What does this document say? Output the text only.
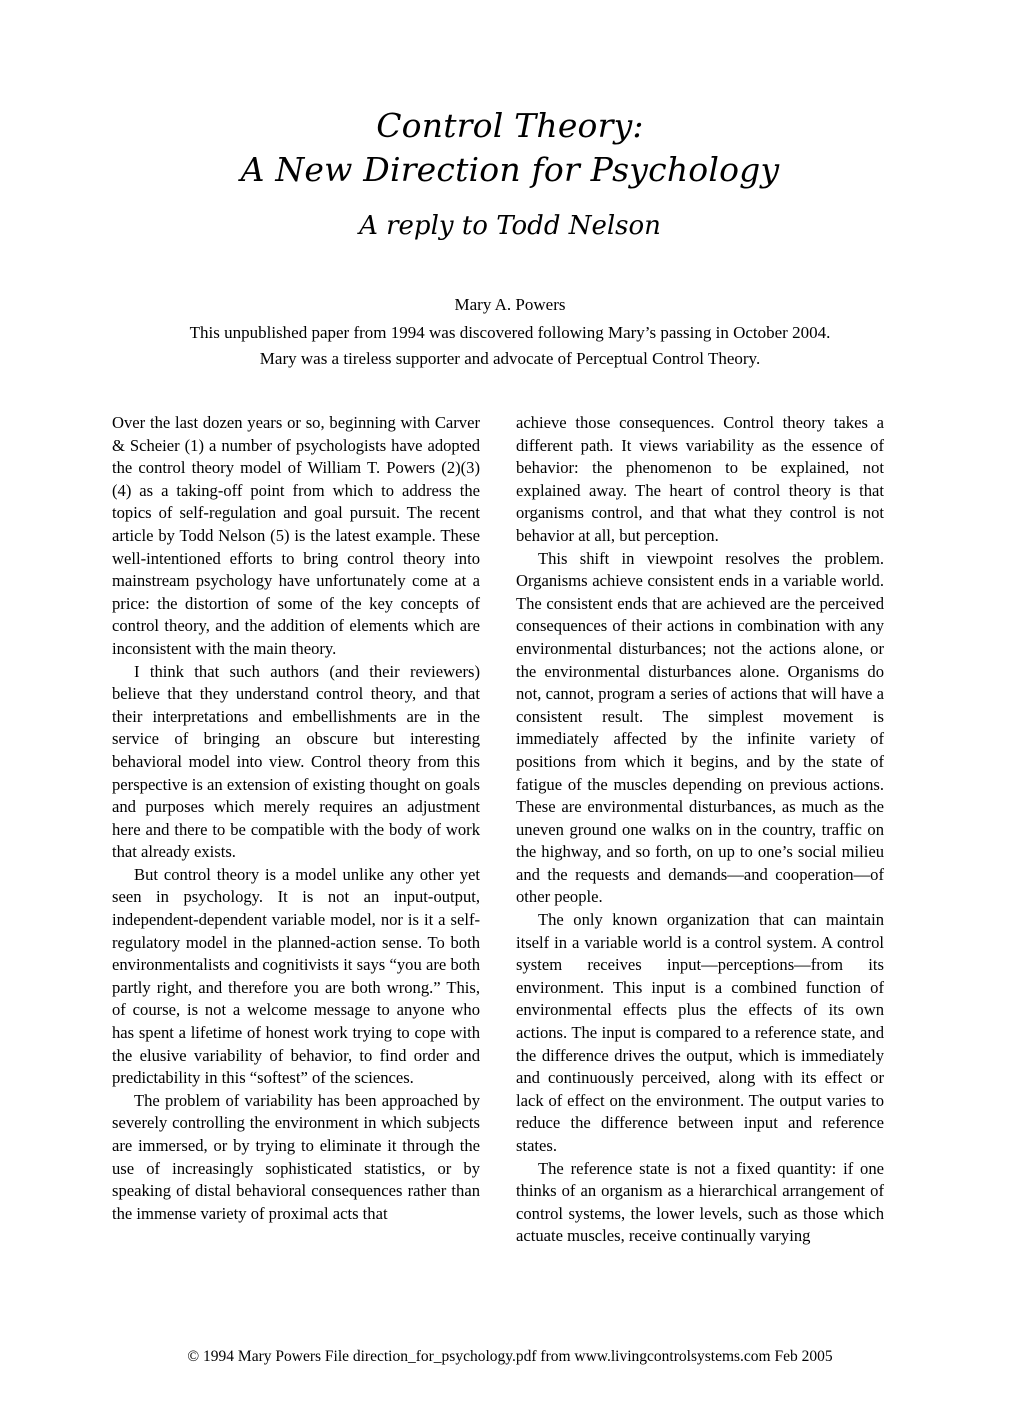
Control Theory:
A New Direction for Psychology
A reply to Todd Nelson
Mary A. Powers
This unpublished paper from 1994 was discovered following Mary’s passing in October 2004.
Mary was a tireless supporter and advocate of Perceptual Control Theory.

Over the last dozen years or so, beginning with Carver & Scheier (1) a number of psychologists have adopted the control theory model of William T. Powers (2)(3)(4) as a taking-off point from which to address the topics of self-regulation and goal pursuit. The recent article by Todd Nelson (5) is the latest example. These well-intentioned efforts to bring control theory into mainstream psychology have unfortunately come at a price: the distortion of some of the key concepts of control theory, and the addition of elements which are inconsistent with the main theory.

I think that such authors (and their reviewers) believe that they understand control theory, and that their interpretations and embellishments are in the service of bringing an obscure but interesting behavioral model into view. Control theory from this perspective is an extension of existing thought on goals and purposes which merely requires an adjustment here and there to be compatible with the body of work that already exists.

But control theory is a model unlike any other yet seen in psychology. It is not an input-output, independent-dependent variable model, nor is it a self-regulatory model in the planned-action sense. To both environmentalists and cognitivists it says “you are both partly right, and therefore you are both wrong.” This, of course, is not a welcome message to anyone who has spent a lifetime of honest work trying to cope with the elusive variability of behavior, to find order and predictability in this “softest” of the sciences.

The problem of variability has been approached by severely controlling the environment in which subjects are immersed, or by trying to eliminate it through the use of increasingly sophisticated statistics, or by speaking of distal behavioral consequences rather than the immense variety of proximal acts that

achieve those consequences. Control theory takes a different path. It views variability as the essence of behavior: the phenomenon to be explained, not explained away. The heart of control theory is that organisms control, and that what they control is not behavior at all, but perception.

This shift in viewpoint resolves the problem. Organisms achieve consistent ends in a variable world. The consistent ends that are achieved are the perceived consequences of their actions in combination with any environmental disturbances; not the actions alone, or the environmental disturbances alone. Organisms do not, cannot, program a series of actions that will have a consistent result. The simplest movement is immediately affected by the infinite variety of positions from which it begins, and by the state of fatigue of the muscles depending on previous actions. These are environmental disturbances, as much as the uneven ground one walks on in the country, traffic on the highway, and so forth, on up to one’s social milieu and the requests and demands—and cooperation—of other people.

The only known organization that can maintain itself in a variable world is a control system. A control system receives input—perceptions—from its environment. This input is a combined function of environmental effects plus the effects of its own actions. The input is compared to a reference state, and the difference drives the output, which is immediately and continuously perceived, along with its effect or lack of effect on the environment. The output varies to reduce the difference between input and reference states.

The reference state is not a fixed quantity: if one thinks of an organism as a hierarchical arrangement of control systems, the lower levels, such as those which actuate muscles, receive continually varying

© 1994 Mary Powers File direction_for_psychology.pdf from www.livingcontrolsystems.com Feb 2005
